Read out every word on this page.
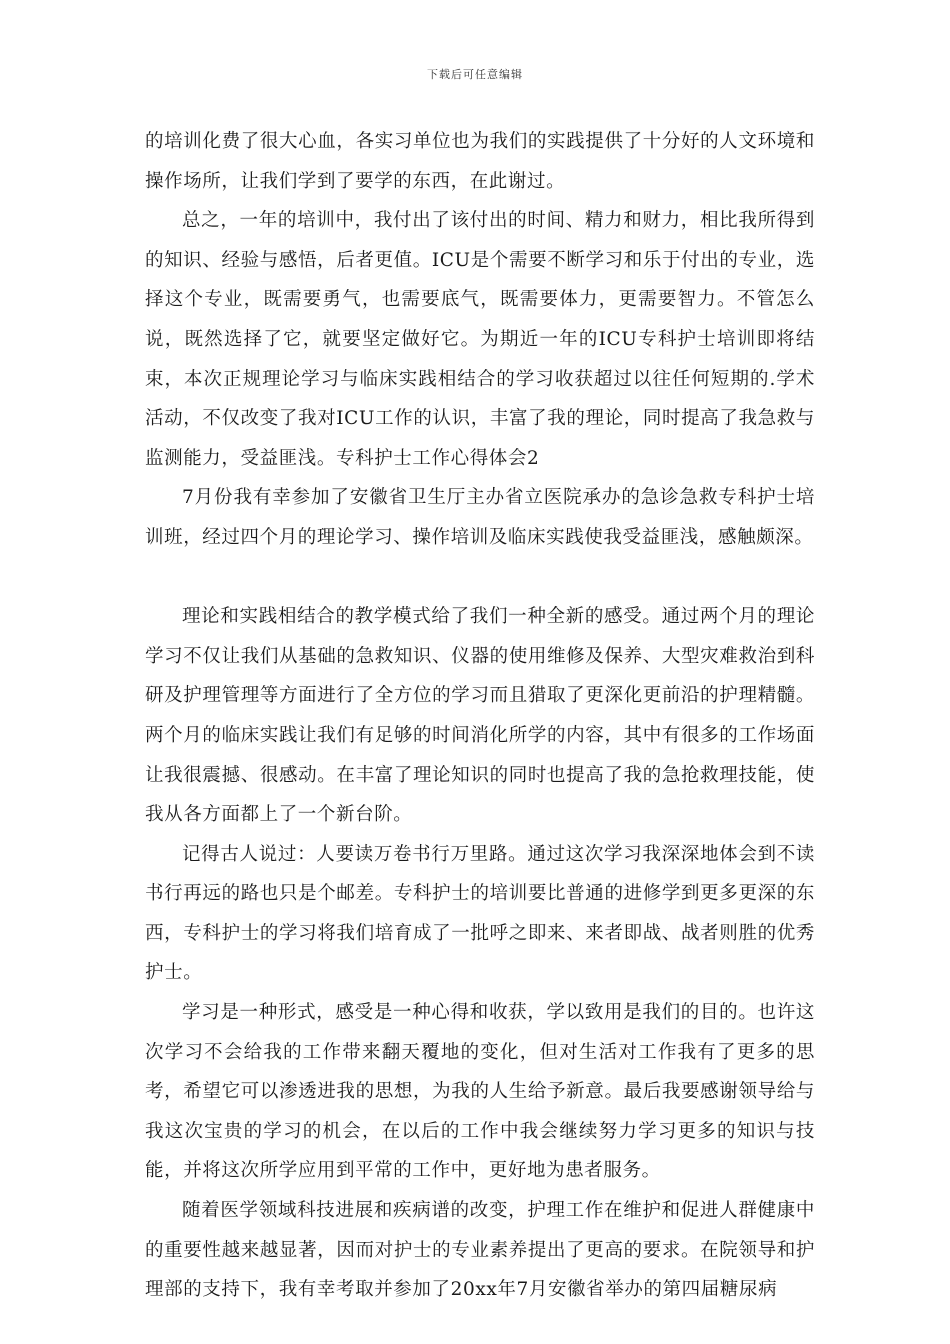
下载后可任意编辑

的培训化费了很大心血，各实习单位也为我们的实践提供了十分好的人文环境和操作场所，让我们学到了要学的东西，在此谢过。

总之，一年的培训中，我付出了该付出的时间、精力和财力，相比我所得到的知识、经验与感悟，后者更值。ICU是个需要不断学习和乐于付出的专业，选择这个专业，既需要勇气，也需要底气，既需要体力，更需要智力。不管怎么说，既然选择了它，就要坚定做好它。为期近一年的ICU专科护士培训即将结束，本次正规理论学习与临床实践相结合的学习收获超过以往任何短期的.学术活动，不仅改变了我对ICU工作的认识，丰富了我的理论，同时提高了我急救与监测能力，受益匪浅。专科护士工作心得体会2

7月份我有幸参加了安徽省卫生厅主办省立医院承办的急诊急救专科护士培训班，经过四个月的理论学习、操作培训及临床实践使我受益匪浅，感触颇深。

理论和实践相结合的教学模式给了我们一种全新的感受。通过两个月的理论学习不仅让我们从基础的急救知识、仪器的使用维修及保养、大型灾难救治到科研及护理管理等方面进行了全方位的学习而且猎取了更深化更前沿的护理精髓。两个月的临床实践让我们有足够的时间消化所学的内容，其中有很多的工作场面让我很震撼、很感动。在丰富了理论知识的同时也提高了我的急抢救理技能，使我从各方面都上了一个新台阶。

记得古人说过：人要读万卷书行万里路。通过这次学习我深深地体会到不读书行再远的路也只是个邮差。专科护士的培训要比普通的进修学到更多更深的东西，专科护士的学习将我们培育成了一批呼之即来、来者即战、战者则胜的优秀护士。

学习是一种形式，感受是一种心得和收获，学以致用是我们的目的。也许这次学习不会给我的工作带来翻天覆地的变化，但对生活对工作我有了更多的思考，希望它可以渗透进我的思想，为我的人生给予新意。最后我要感谢领导给与我这次宝贵的学习的机会，在以后的工作中我会继续努力学习更多的知识与技能，并将这次所学应用到平常的工作中，更好地为患者服务。

随着医学领域科技进展和疾病谱的改变，护理工作在维护和促进人群健康中的重要性越来越显著，因而对护士的专业素养提出了更高的要求。在院领导和护理部的支持下，我有幸考取并参加了20xx年7月安徽省举办的第四届糖尿病
